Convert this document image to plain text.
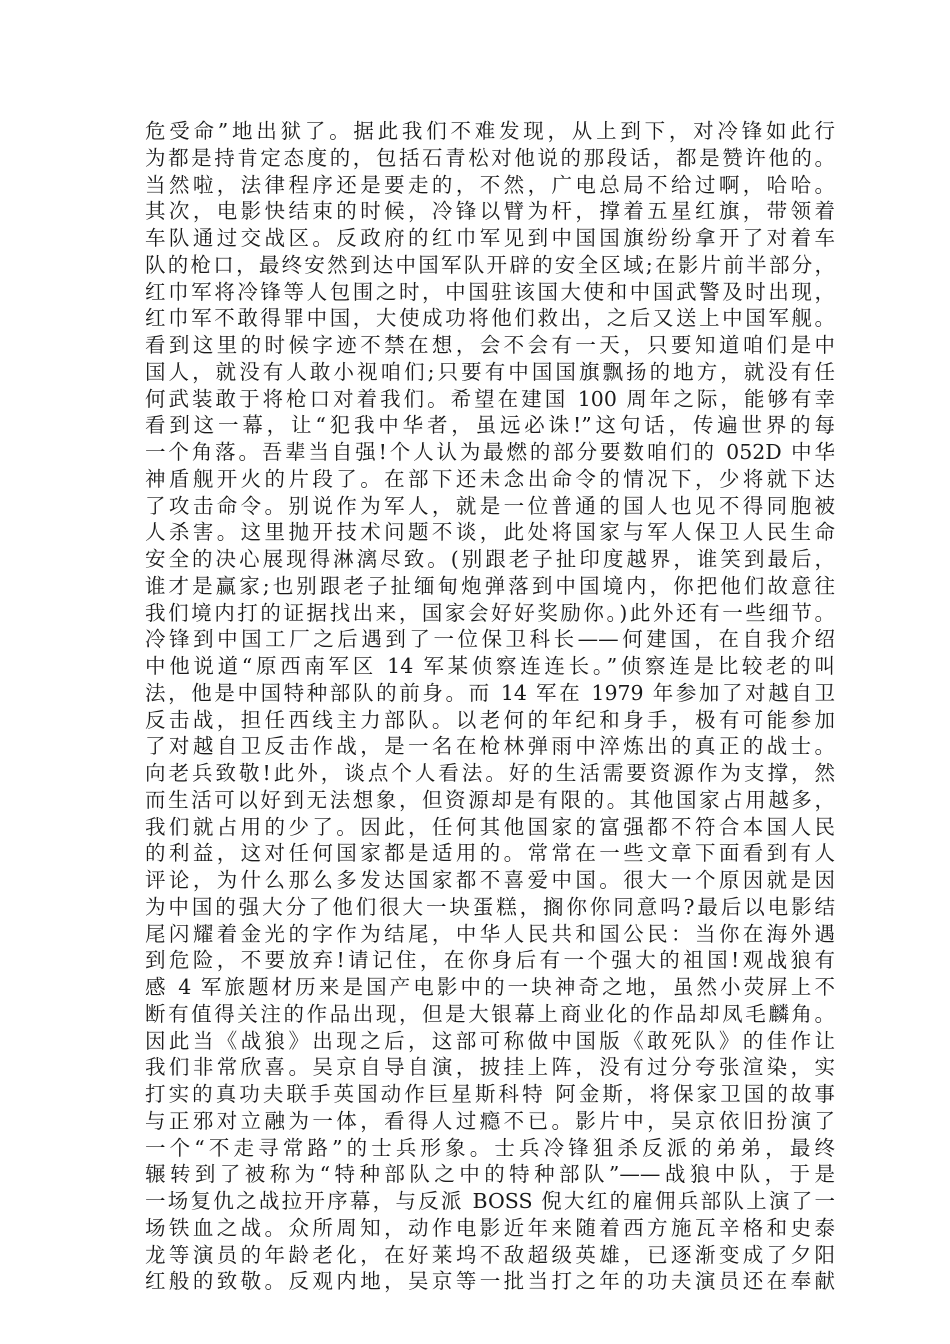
危受命”地出狱了。据此我们不难发现，从上到下，对冷锋如此行
为都是持肯定态度的，包括石青松对他说的那段话，都是赞许他的。
当然啦，法律程序还是要走的，不然，广电总局不给过啊，哈哈。
其次，电影快结束的时候，冷锋以臂为杆，撑着五星红旗，带领着
车队通过交战区。反政府的红巾军见到中国国旗纷纷拿开了对着车
队的枪口，最终安然到达中国军队开辟的安全区域;在影片前半部分，
红巾军将冷锋等人包围之时，中国驻该国大使和中国武警及时出现，
红巾军不敢得罪中国，大使成功将他们救出，之后又送上中国军舰。
看到这里的时候字迹不禁在想，会不会有一天，只要知道咱们是中
国人，就没有人敢小视咱们;只要有中国国旗飘扬的地方，就没有任
何武装敢于将枪口对着我们。希望在建国 100 周年之际，能够有幸
看到这一幕，让“犯我中华者，虽远必诛!”这句话，传遍世界的每
一个角落。吾辈当自强!个人认为最燃的部分要数咱们的 052D 中华
神盾舰开火的片段了。在部下还未念出命令的情况下，少将就下达
了攻击命令。别说作为军人，就是一位普通的国人也见不得同胞被
人杀害。这里抛开技术问题不谈，此处将国家与军人保卫人民生命
安全的决心展现得淋漓尽致。(别跟老子扯印度越界，谁笑到最后，
谁才是赢家;也别跟老子扯缅甸炮弹落到中国境内，你把他们故意往
我们境内打的证据找出来，国家会好好奖励你。)此外还有一些细节。
冷锋到中国工厂之后遇到了一位保卫科长——何建国，在自我介绍
中他说道“原西南军区 14 军某侦察连连长。”侦察连是比较老的叫
法，他是中国特种部队的前身。而 14 军在 1979 年参加了对越自卫
反击战，担任西线主力部队。以老何的年纪和身手，极有可能参加
了对越自卫反击作战，是一名在枪林弹雨中淬炼出的真正的战士。
向老兵致敬!此外，谈点个人看法。好的生活需要资源作为支撑，然
而生活可以好到无法想象，但资源却是有限的。其他国家占用越多，
我们就占用的少了。因此，任何其他国家的富强都不符合本国人民
的利益，这对任何国家都是适用的。常常在一些文章下面看到有人
评论，为什么那么多发达国家都不喜爱中国。很大一个原因就是因
为中国的强大分了他们很大一块蛋糕，搁你你同意吗?最后以电影结
尾闪耀着金光的字作为结尾，中华人民共和国公民：当你在海外遇
到危险，不要放弃!请记住，在你身后有一个强大的祖国!观战狼有
感 4 军旅题材历来是国产电影中的一块神奇之地，虽然小荧屏上不
断有值得关注的作品出现，但是大银幕上商业化的作品却凤毛麟角。
因此当《战狼》出现之后，这部可称做中国版《敢死队》的佳作让
我们非常欣喜。吴京自导自演，披挂上阵，没有过分夸张渲染，实
打实的真功夫联手英国动作巨星斯科特 阿金斯，将保家卫国的故事
与正邪对立融为一体，看得人过瘾不已。影片中，吴京依旧扮演了
一个“不走寻常路”的士兵形象。士兵冷锋狙杀反派的弟弟，最终
辗转到了被称为“特种部队之中的特种部队”——战狼中队，于是
一场复仇之战拉开序幕，与反派 BOSS 倪大红的雇佣兵部队上演了一
场铁血之战。众所周知，动作电影近年来随着西方施瓦辛格和史泰
龙等演员的年龄老化，在好莱坞不敌超级英雄，已逐渐变成了夕阳
红般的致敬。反观内地，吴京等一批当打之年的功夫演员还在奉献
